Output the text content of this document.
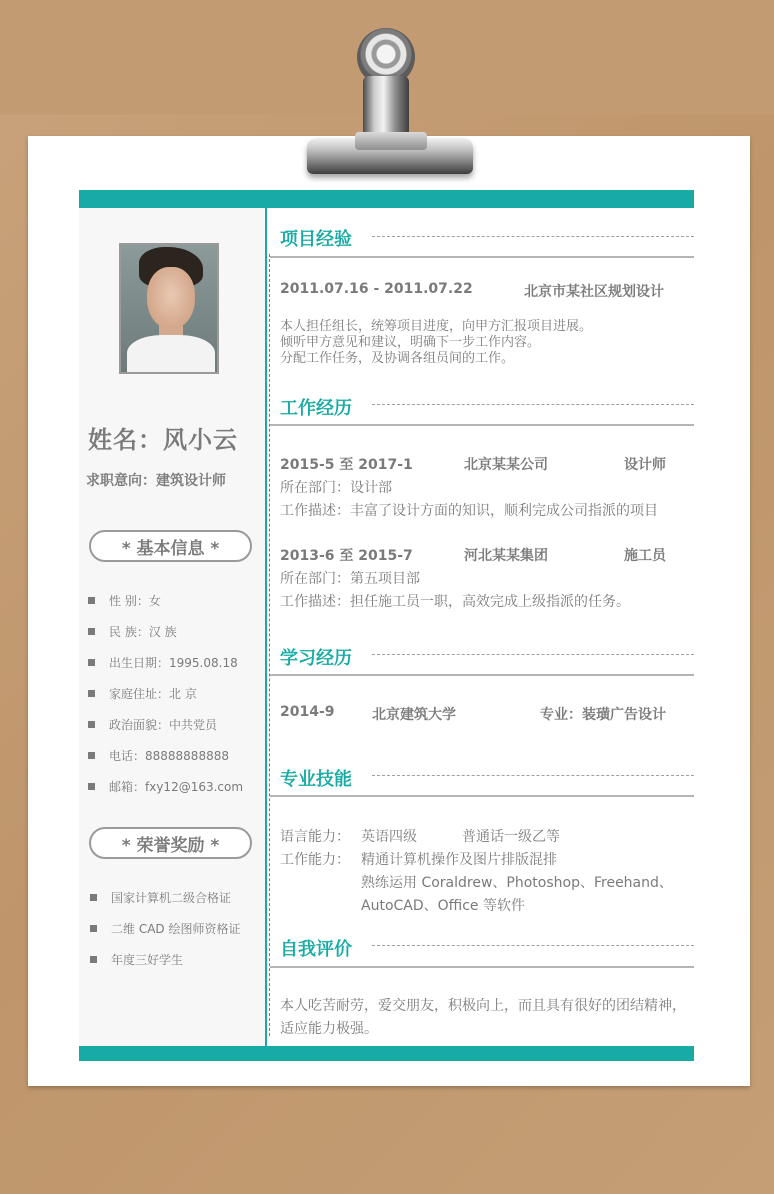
姓名：风小云
求职意向：建筑设计师
* 基本信息 *
性 别：女
民 族：汉 族
出生日期：1995.08.18
家庭住址：北 京
政治面貌：中共党员
电话：88888888888
邮箱：fxy12@163.com
* 荣誉奖励 *
国家计算机二级合格证
二维 CAD 绘图师资格证
年度三好学生
项目经验
2011.07.16 - 2011.07.22	北京市某社区规划设计
本人担任组长，统筹项目进度，向甲方汇报项目进展。
倾听甲方意见和建议，明确下一步工作内容。
分配工作任务，及协调各组员间的工作。
工作经历
2015-5 至 2017-1	北京某某公司	设计师
所在部门：设计部
工作描述：丰富了设计方面的知识，顺利完成公司指派的项目
2013-6 至 2015-7	河北某某集团	施工员
所在部门：第五项目部
工作描述：担任施工员一职，高效完成上级指派的任务。
学习经历
2014-9	北京建筑大学	专业：装璜广告设计
专业技能
语言能力： 英语四级	普通话一级乙等
工作能力： 精通计算机操作及图片排版混排
熟练运用 Coraldrew、Photoshop、Freehand、
AutoCAD、Office 等软件
自我评价
本人吃苦耐劳，爱交朋友，积极向上，而且具有很好的团结精神，
适应能力极强。
